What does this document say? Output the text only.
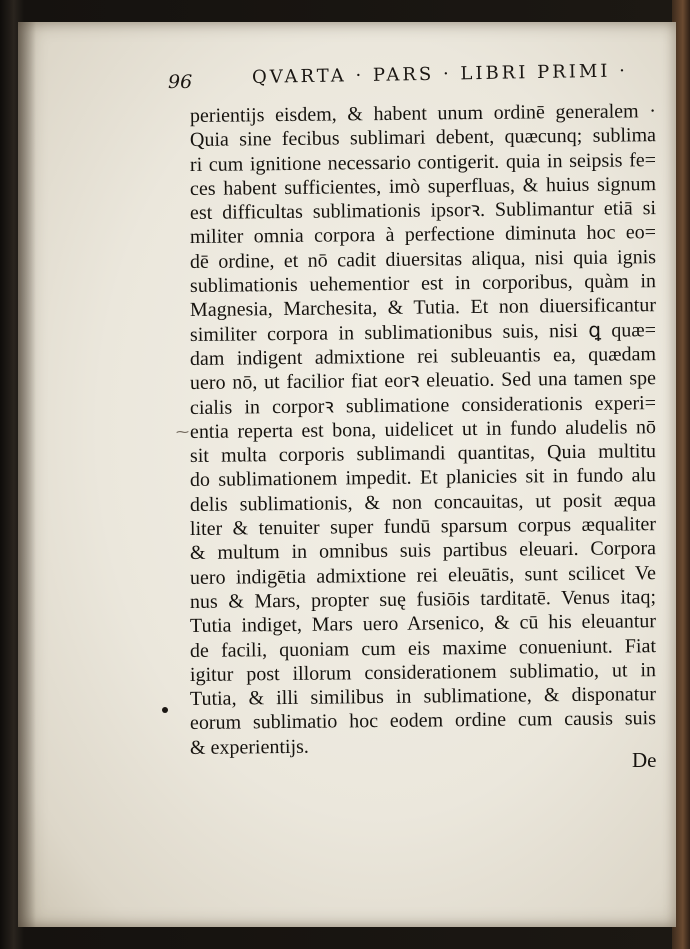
96	QVARTA · PARS · LIBRI PRIMI ·
perientijs eisdem, & habent unum ordinē generalem ·
Quia sine fecibus sublimari debent, quæcunq; sublima
ri cum ignitione necessario contigerit. quia in seipsis fe=
ces habent sufficientes, imò superfluas, & huius signum
est difficultas sublimationis ipsorꝛ. Sublimantur etiā si
militer omnia corpora à perfectione diminuta hoc eo=
dē ordine, et nō cadit diuersitas aliqua, nisi quia ignis
sublimationis uehementior est in corporibus, quàm in
Magnesia, Marchesita, & Tutia. Et non diuersificantur
similiter corpora in sublimationibus suis, nisi ꝗ quæ=
dam indigent admixtione rei subleuantis ea, quædam
uero nō, ut facilior fiat eorꝛ eleuatio. Sed una tamen spe
cialis in corporꝛ sublimatione considerationis experi=
entia reperta est bona, uidelicet ut in fundo aludelis nō
sit multa corporis sublimandi quantitas, Quia multitu
do sublimationem impedit. Et planicies sit in fundo alu
delis sublimationis, & non concauitas, ut posit æqua
liter & tenuiter super fundū sparsum corpus æqualiter
& multum in omnibus suis partibus eleuari. Corpora
uero indigētia admixtione rei eleuātis, sunt scilicet Ve
nus & Mars, propter suę fusiōis tarditatē. Venus itaq;
Tutia indiget, Mars uero Arsenico, & cū his eleuantur
de facili, quoniam cum eis maxime conueniunt. Fiat
igitur post illorum considerationem sublimatio, ut in
Tutia, & illi similibus in sublimatione, & disponatur
eorum sublimatio hoc eodem ordine cum causis suis
& experientijs.
⁓
De
